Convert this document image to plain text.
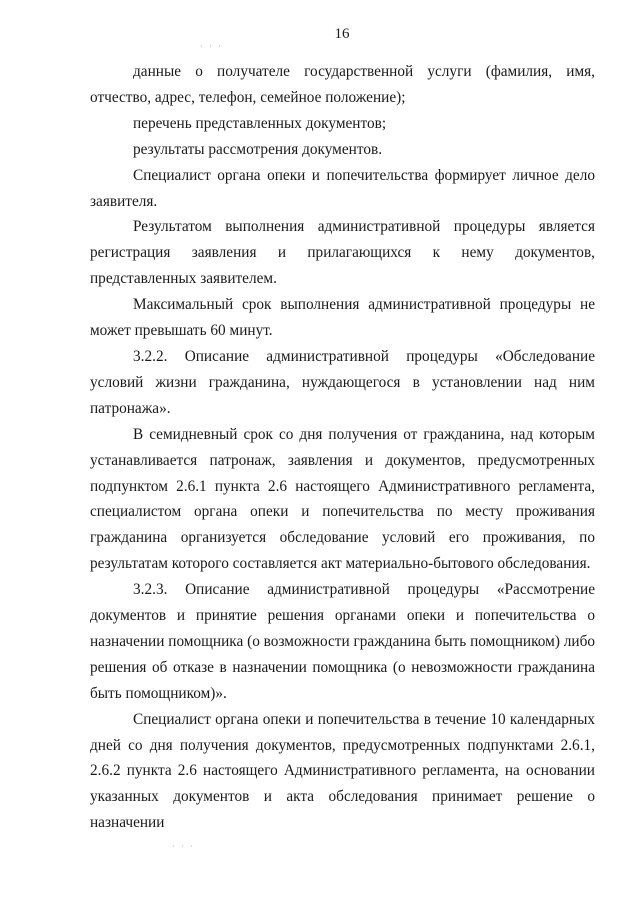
16
· · ·
· · ·

данные о получателе государственной услуги (фамилия, имя, отчество, адрес, телефон, семейное положение);

перечень представленных документов;

результаты рассмотрения документов.

Специалист органа опеки и попечительства формирует личное дело заявителя.

Результатом выполнения административной процедуры является регистрация заявления и прилагающихся к нему документов, представленных заявителем.

Максимальный срок выполнения административной процедуры не может превышать 60 минут.

3.2.2. Описание административной процедуры «Обследование условий жизни гражданина, нуждающегося в установлении над ним патронажа».

В семидневный срок со дня получения от гражданина, над которым устанавливается патронаж, заявления и документов, предусмотренных подпунктом 2.6.1 пункта 2.6 настоящего Административного регламента, специалистом органа опеки и попечительства по месту проживания гражданина организуется обследование условий его проживания, по результатам которого составляется акт материально-бытового обследования.

3.2.3. Описание административной процедуры «Рассмотрение документов и принятие решения органами опеки и попечительства о назначении помощника (о возможности гражданина быть помощником) либо решения об отказе в назначении помощника (о невозможности гражданина быть помощником)».

Специалист органа опеки и попечительства в течение 10 календарных дней со дня получения документов, предусмотренных подпунктами 2.6.1, 2.6.2 пункта 2.6 настоящего Административного регламента, на основании указанных документов и акта обследования принимает решение о назначении
